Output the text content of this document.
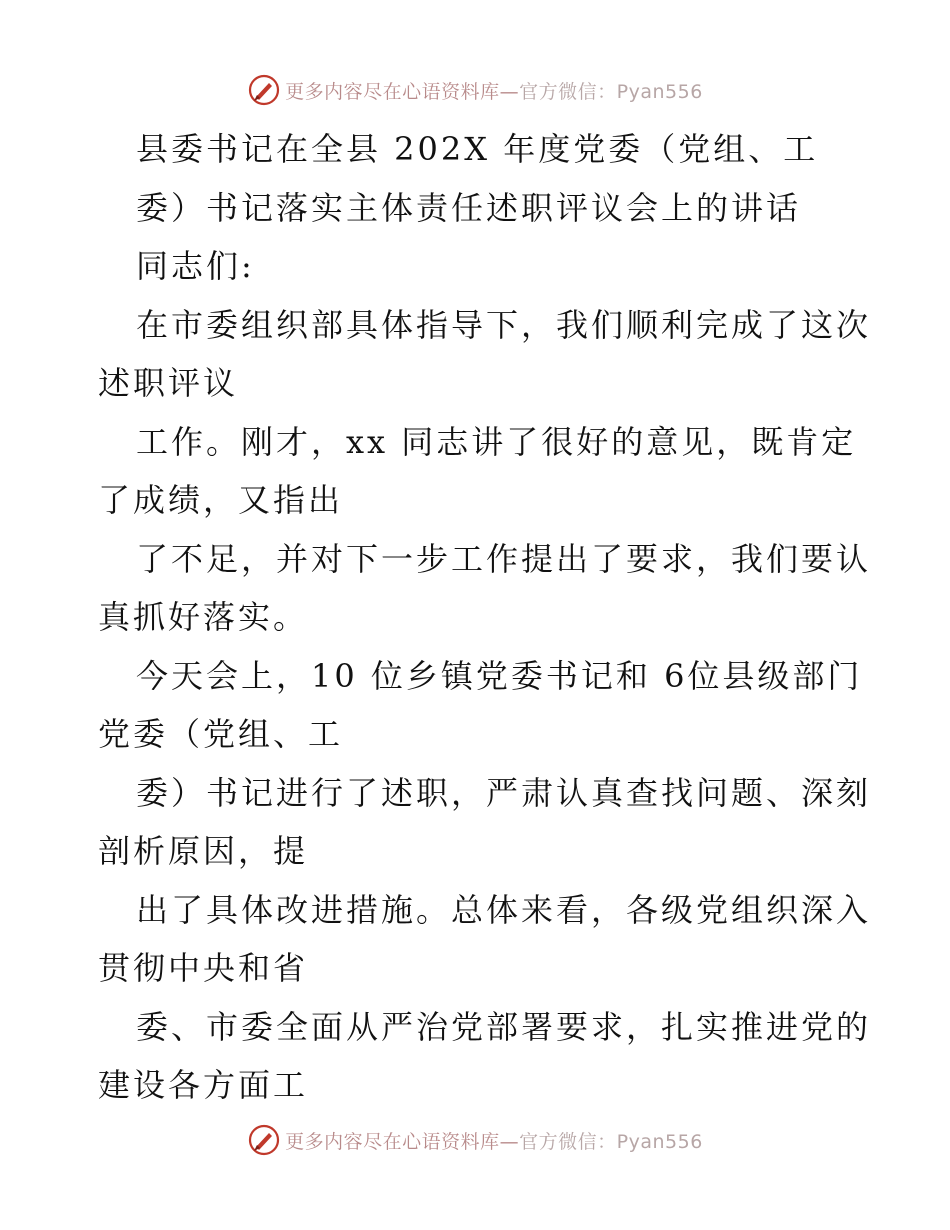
更多内容尽在心语资料库—官方微信：Pyan556
县委书记在全县 202X 年度党委（党组、工
委）书记落实主体责任述职评议会上的讲话
同志们:
在市委组织部具体指导下，我们顺利完成了这次
述职评议
工作。刚才，xx 同志讲了很好的意见，既肯定
了成绩，又指出
了不足，并对下一步工作提出了要求，我们要认
真抓好落实。
今天会上，10 位乡镇党委书记和 6位县级部门
党委（党组、工
委）书记进行了述职，严肃认真查找问题、深刻
剖析原因，提
出了具体改进措施。总体来看，各级党组织深入
贯彻中央和省
委、市委全面从严治党部署要求，扎实推进党的
建设各方面工
更多内容尽在心语资料库—官方微信：Pyan556
